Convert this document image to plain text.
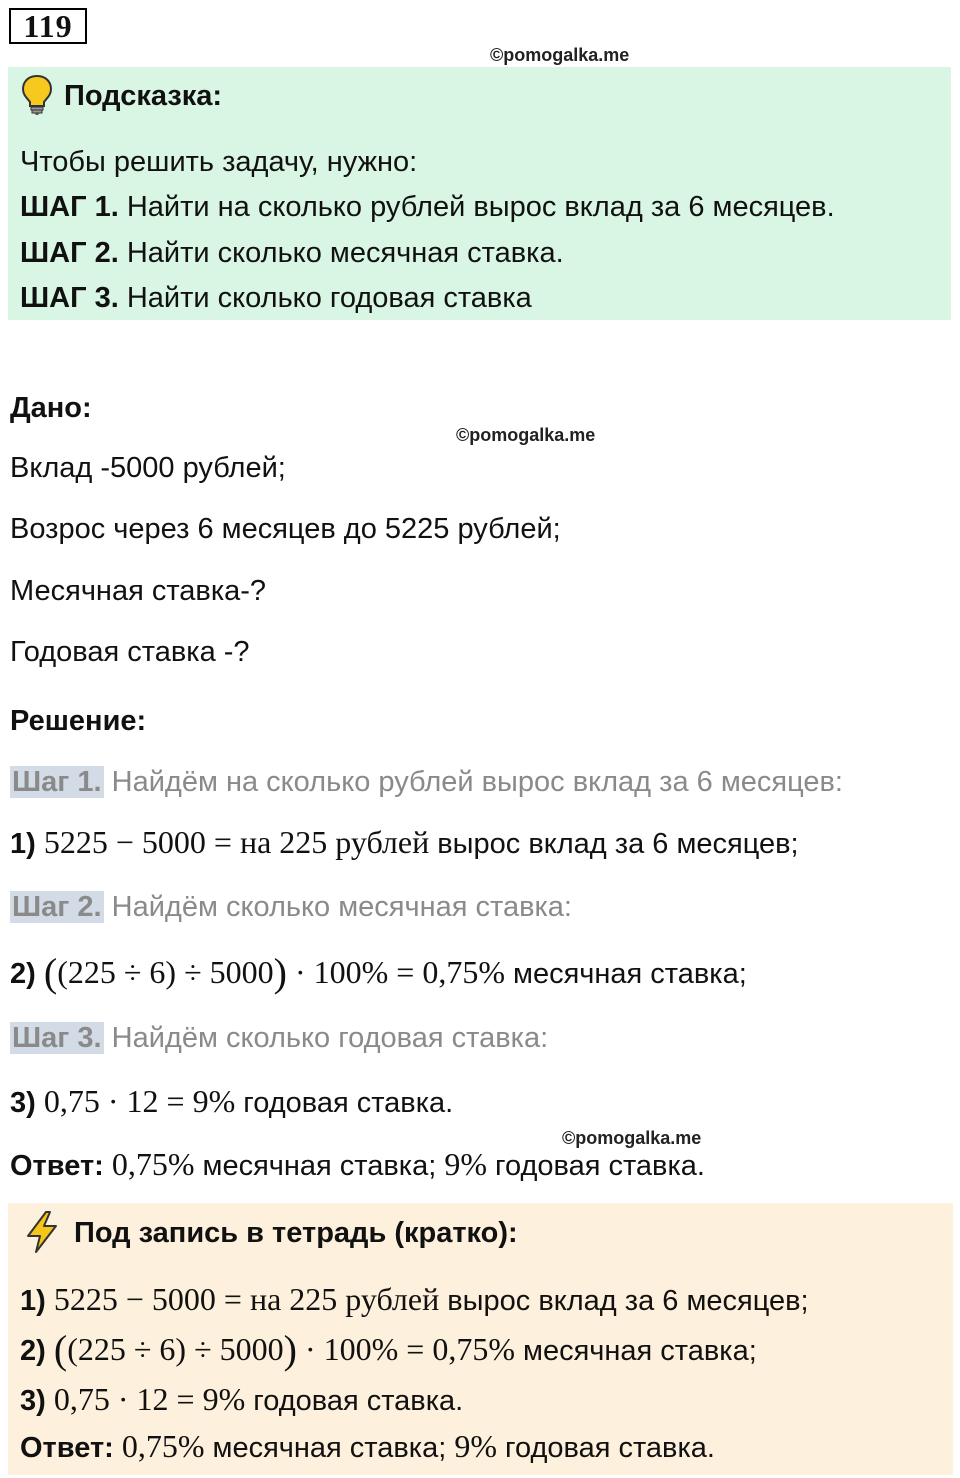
119
©pomogalka.me
Подсказка:
Чтобы решить задачу, нужно:
ШАГ 1. Найти на сколько рублей вырос вклад за 6 месяцев.
ШАГ 2. Найти сколько месячная ставка.
ШАГ 3. Найти сколько годовая ставка
Дано:
©pomogalka.me
Вклад -5000 рублей;
Возрос через 6 месяцев до 5225 рублей;
Месячная ставка-?
Годовая ставка -?
Решение:
Шаг 1. Найдём на сколько рублей вырос вклад за 6 месяцев:
1) 5225 − 5000 = на 225 рублей вырос вклад за 6 месяцев;
Шаг 2. Найдём сколько месячная ставка:
2) ((225 ÷ 6) ÷ 5000) · 100% = 0,75% месячная ставка;
Шаг 3. Найдём сколько годовая ставка:
3) 0,75 · 12 = 9% годовая ставка.
©pomogalka.me
Ответ: 0,75% месячная ставка; 9% годовая ставка.
Под запись в тетрадь (кратко):
1) 5225 − 5000 = на 225 рублей вырос вклад за 6 месяцев;
2) ((225 ÷ 6) ÷ 5000) · 100% = 0,75% месячная ставка;
3) 0,75 · 12 = 9% годовая ставка.
Ответ: 0,75% месячная ставка; 9% годовая ставка.
